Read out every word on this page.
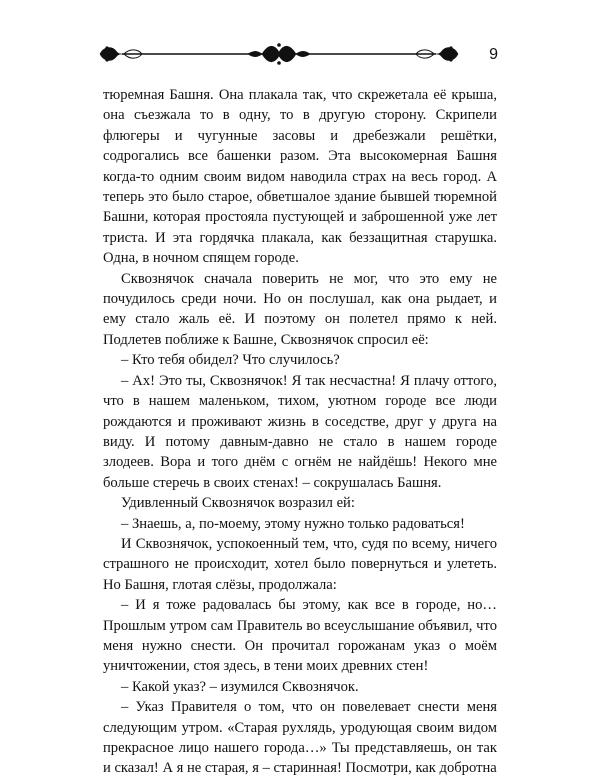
9

тюремная Башня. Она плакала так, что скрежетала её крыша, она съезжала то в одну, то в другую сторону. Скрипели флюгеры и чугунные засовы и дребезжали решётки, содрогались все башенки разом. Эта высокомерная Башня когда-то одним своим видом наводила страх на весь город. А теперь это было старое, обветшалое здание бывшей тюремной Башни, которая простояла пустующей и заброшенной уже лет триста. И эта гордячка плакала, как беззащитная старушка. Одна, в ночном спящем городе.

Сквознячок сначала поверить не мог, что это ему не почудилось среди ночи. Но он послушал, как она рыдает, и ему стало жаль её. И поэтому он полетел прямо к ней. Подлетев поближе к Башне, Сквознячок спросил её:

– Кто тебя обидел? Что случилось?

– Ах! Это ты, Сквознячок! Я так несчастна! Я плачу оттого, что в нашем маленьком, тихом, уютном городе все люди рождаются и проживают жизнь в соседстве, друг у друга на виду. И потому давным-давно не стало в нашем городе злодеев. Вора и того днём с огнём не найдёшь! Некого мне больше стеречь в своих стенах! – сокрушалась Башня.

Удивленный Сквознячок возразил ей:

– Знаешь, а, по-моему, этому нужно только радоваться!

И Сквознячок, успокоенный тем, что, судя по всему, ничего страшного не происходит, хотел было повернуться и улететь. Но Башня, глотая слёзы, продолжала:

– И я тоже радовалась бы этому, как все в городе, но… Прошлым утром сам Правитель во всеуслышание объявил, что меня нужно снести. Он прочитал горожанам указ о моём уничтожении, стоя здесь, в тени моих древних стен!

– Какой указ? – изумился Сквознячок.

– Указ Правителя о том, что он повелевает снести меня следующим утром. «Старая рухлядь, уродующая своим видом прекрасное лицо нашего города…» Ты представляешь, он так и сказал! А я не старая, я – старинная! Посмотри, как добротна
